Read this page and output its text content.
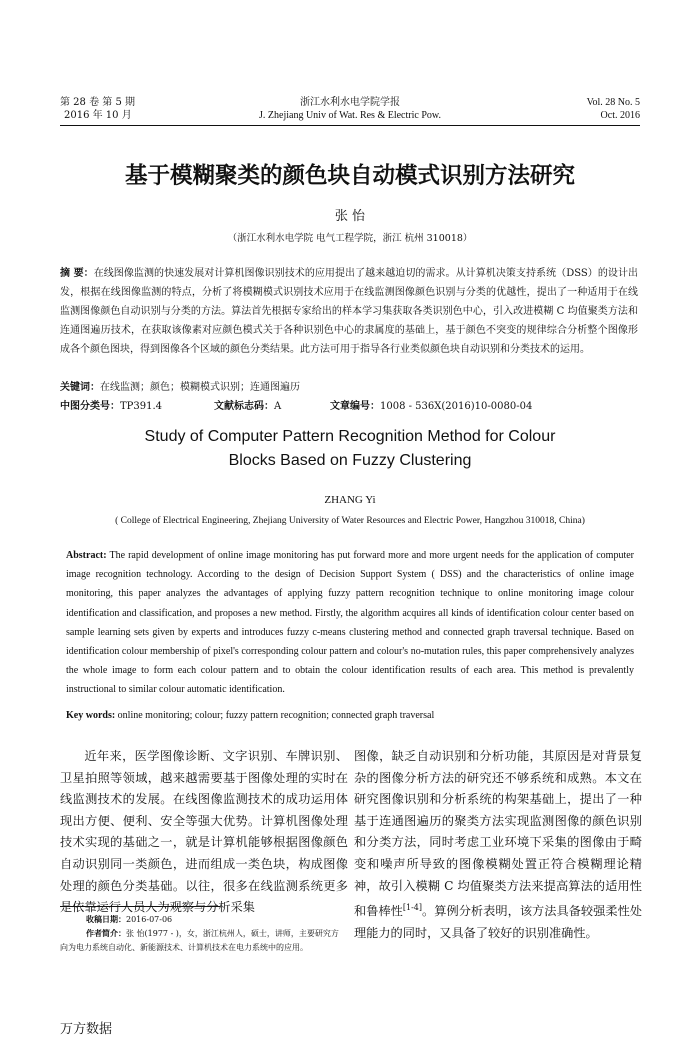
第 28 卷 第 5 期
2016 年 10 月
浙江水利水电学院学报
J. Zhejiang Univ of Wat. Res & Electric Pow.
Vol. 28 No. 5
Oct. 2016
基于模糊聚类的颜色块自动模式识别方法研究
张 怡
（浙江水利水电学院 电气工程学院，浙江 杭州 310018）
摘 要：在线图像监测的快速发展对计算机图像识别技术的应用提出了越来越迫切的需求。从计算机决策支持系统（DSS）的设计出发，根据在线图像监测的特点，分析了将模糊模式识别技术应用于在线监测图像颜色识别与分类的优越性，提出了一种适用于在线监测图像颜色自动识别与分类的方法。算法首先根据专家给出的样本学习集获取各类识别色中心，引入改进模糊 C 均值聚类方法和连通图遍历技术，在获取该像素对应颜色模式关于各种识别色中心的隶属度的基础上，基于颜色不突变的规律综合分析整个图像形成各个颜色图块，得到图像各个区域的颜色分类结果。此方法可用于指导各行业类似颜色块自动识别和分类技术的运用。
关键词：在线监测；颜色；模糊模式识别；连通图遍历
中图分类号：TP391.4	文献标志码：A	文章编号：1008 - 536X(2016)10-0080-04
Study of Computer Pattern Recognition Method for Colour
Blocks Based on Fuzzy Clustering
ZHANG Yi
( College of Electrical Engineering, Zhejiang University of Water Resources and Electric Power, Hangzhou 310018, China)
Abstract: The rapid development of online image monitoring has put forward more and more urgent needs for the application of computer image recognition technology. According to the design of Decision Support System ( DSS) and the characteristics of online image monitoring, this paper analyzes the advantages of applying fuzzy pattern recognition technique to online monitoring image colour identification and classification, and proposes a new method. Firstly, the algorithm acquires all kinds of identification colour center based on sample learning sets given by experts and introduces fuzzy c-means clustering method and connected graph traversal technique. Based on identification colour membership of pixel's corresponding colour pattern and colour's no-mutation rules, this paper comprehensively analyzes the whole image to form each colour pattern and to obtain the colour identification results of each area. This method is prevalently instructional to similar colour automatic identification.
Key words: online monitoring; colour; fuzzy pattern recognition; connected graph traversal

近年来，医学图像诊断、文字识别、车牌识别、卫星拍照等领域，越来越需要基于图像处理的实时在线监测技术的发展。在线图像监测技术的成功运用体现出方便、便利、安全等强大优势。计算机图像处理技术实现的基础之一，就是计算机能够根据图像颜色自动识别同一类颜色，进而组成一类色块，构成图像处理的颜色分类基础。以往，很多在线监测系统更多是依靠运行人员人为观察与分析采集

图像，缺乏自动识别和分析功能，其原因是对背景复杂的图像分析方法的研究还不够系统和成熟。本文在研究图像识别和分析系统的构架基础上，提出了一种基于连通图遍历的聚类方法实现监测图像的颜色识别和分类方法，同时考虑工业环境下采集的图像由于畸变和噪声所导致的图像模糊处置正符合模糊理论精神，故引入模糊 C 均值聚类方法来提高算法的适用性和鲁棒性[1-4]。算例分析表明，该方法具备较强柔性处理能力的同时，又具备了较好的识别准确性。

收稿日期：2016-07-06
作者简介：张 怡(1977 - )，女，浙江杭州人，硕士，讲师，主要研究方向为电力系统自动化、新能源技术、计算机技术在电力系统中的应用。
万方数据
